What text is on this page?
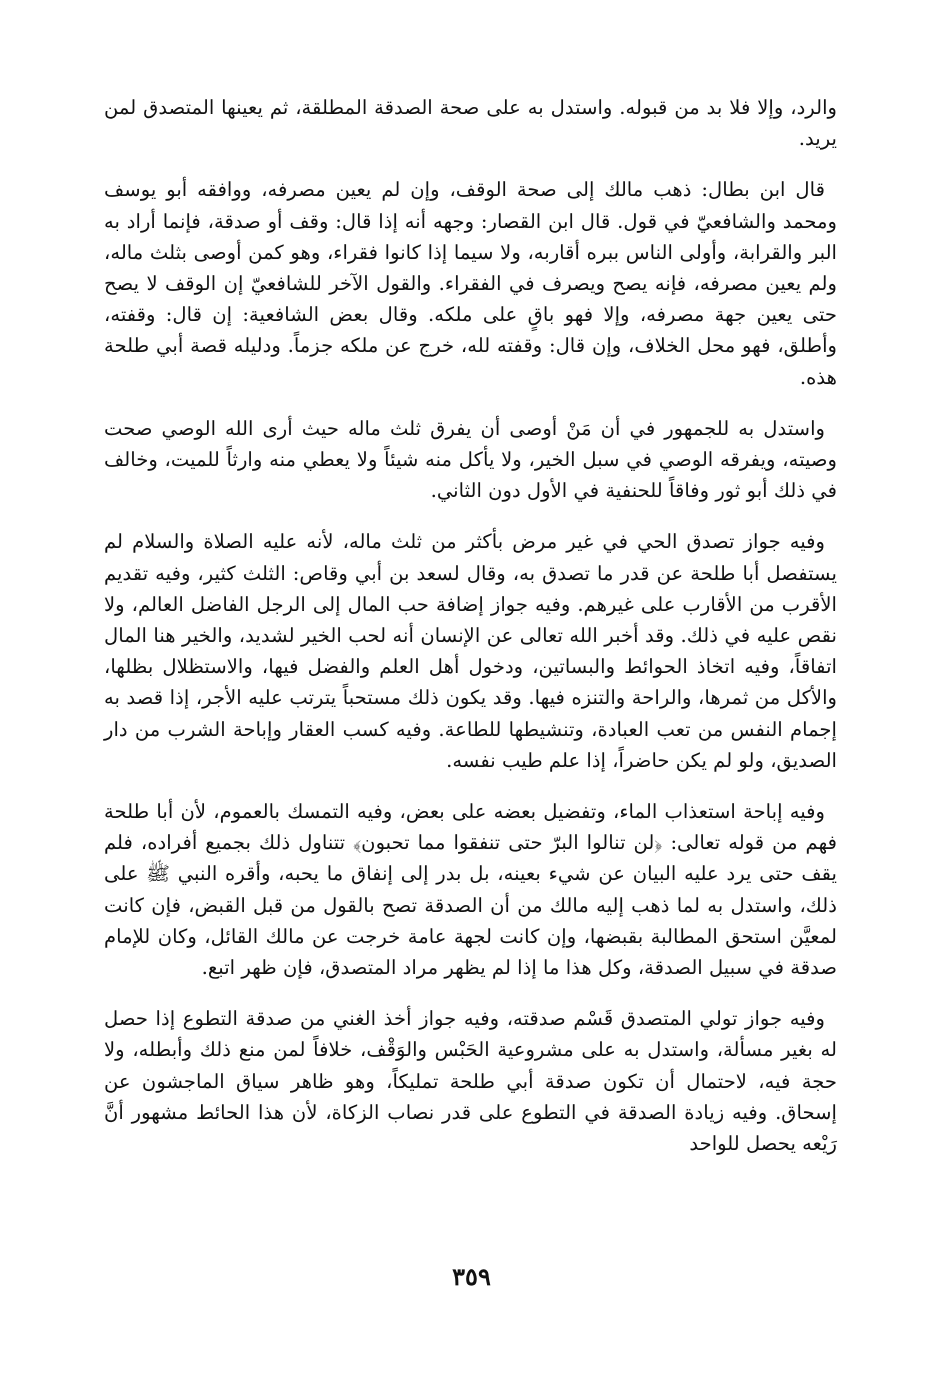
والرد، وإلا فلا بد من قبوله. واستدل به على صحة الصدقة المطلقة، ثم يعينها المتصدق لمن يريد.

قال ابن بطال: ذهب مالك إلى صحة الوقف، وإن لم يعين مصرفه، ووافقه أبو يوسف ومحمد والشافعيّ في قول. قال ابن القصار: وجهه أنه إذا قال: وقف أو صدقة، فإنما أراد به البر والقرابة، وأولى الناس ببره أقاربه، ولا سيما إذا كانوا فقراء، وهو كمن أوصى بثلث ماله، ولم يعين مصرفه، فإنه يصح ويصرف في الفقراء. والقول الآخر للشافعيّ إن الوقف لا يصح حتى يعين جهة مصرفه، وإلا فهو باقٍ على ملكه. وقال بعض الشافعية: إن قال: وقفته، وأطلق، فهو محل الخلاف، وإن قال: وقفته لله، خرج عن ملكه جزماً. ودليله قصة أبي طلحة هذه.

واستدل به للجمهور في أن مَنْ أوصى أن يفرق ثلث ماله حيث أرى الله الوصي صحت وصيته، ويفرقه الوصي في سبل الخير، ولا يأكل منه شيئاً ولا يعطي منه وارثاً للميت، وخالف في ذلك أبو ثور وفاقاً للحنفية في الأول دون الثاني.

وفيه جواز تصدق الحي في غير مرض بأكثر من ثلث ماله، لأنه عليه الصلاة والسلام لم يستفصل أبا طلحة عن قدر ما تصدق به، وقال لسعد بن أبي وقاص: الثلث كثير، وفيه تقديم الأقرب من الأقارب على غيرهم. وفيه جواز إضافة حب المال إلى الرجل الفاضل العالم، ولا نقص عليه في ذلك. وقد أخبر الله تعالى عن الإنسان أنه لحب الخير لشديد، والخير هنا المال اتفاقاً، وفيه اتخاذ الحوائط والبساتين، ودخول أهل العلم والفضل فيها، والاستظلال بظلها، والأكل من ثمرها، والراحة والتنزه فيها. وقد يكون ذلك مستحباً يترتب عليه الأجر، إذا قصد به إجمام النفس من تعب العبادة، وتنشيطها للطاعة. وفيه كسب العقار وإباحة الشرب من دار الصديق، ولو لم يكن حاضراً، إذا علم طيب نفسه.

وفيه إباحة استعذاب الماء، وتفضيل بعضه على بعض، وفيه التمسك بالعموم، لأن أبا طلحة فهم من قوله تعالى: ﴿لن تنالوا البرّ حتى تنفقوا مما تحبون﴾ تتناول ذلك بجميع أفراده، فلم يقف حتى يرد عليه البيان عن شيء بعينه، بل بدر إلى إنفاق ما يحبه، وأقره النبي ﷺ على ذلك، واستدل به لما ذهب إليه مالك من أن الصدقة تصح بالقول من قبل القبض، فإن كانت لمعيَّن استحق المطالبة بقبضها، وإن كانت لجهة عامة خرجت عن مالك القائل، وكان للإمام صدقة في سبيل الصدقة، وكل هذا ما إذا لم يظهر مراد المتصدق، فإن ظهر اتبع.

وفيه جواز تولي المتصدق قَسْم صدقته، وفيه جواز أخذ الغني من صدقة التطوع إذا حصل له بغير مسألة، واستدل به على مشروعية الحَبْس والوَقْف، خلافاً لمن منع ذلك وأبطله، ولا حجة فيه، لاحتمال أن تكون صدقة أبي طلحة تمليكاً، وهو ظاهر سياق الماجشون عن إسحاق. وفيه زيادة الصدقة في التطوع على قدر نصاب الزكاة، لأن هذا الحائط مشهور أنَّ رَيْعه يحصل للواحد

٣٥٩
